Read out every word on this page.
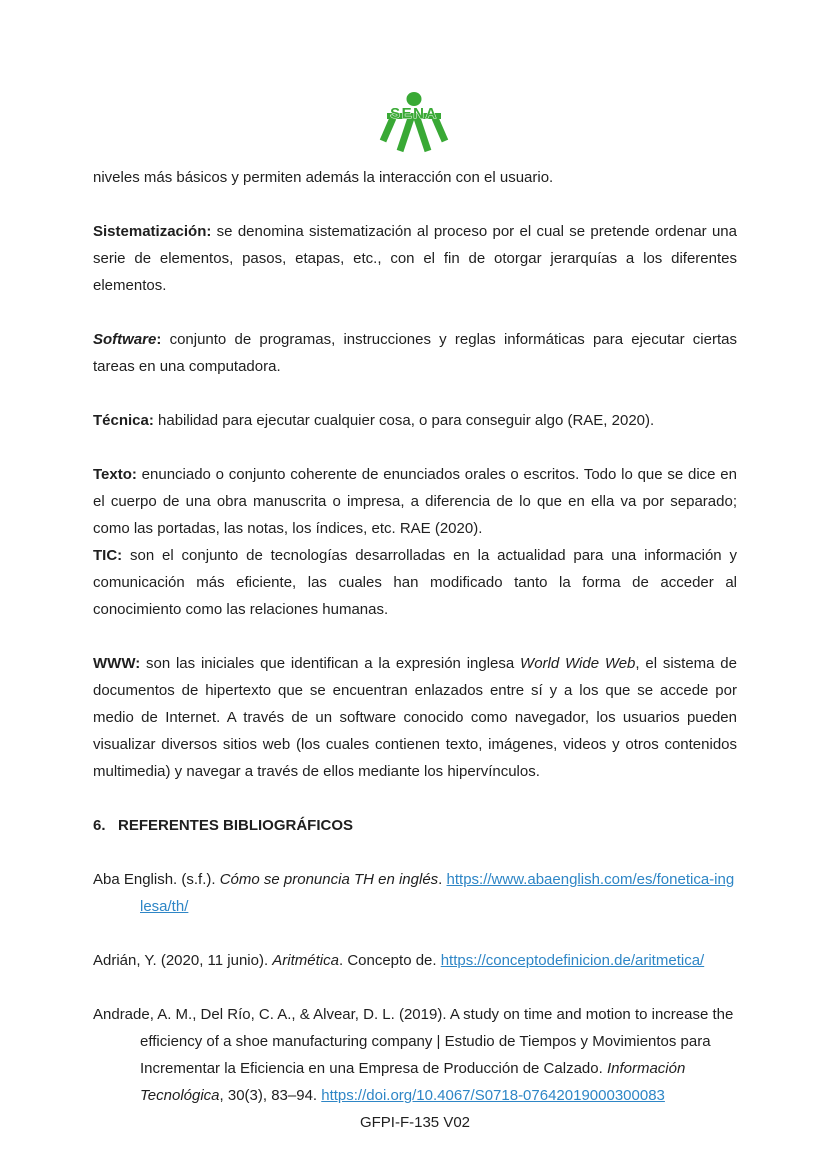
SENA

niveles más básicos y permiten además la interacción con el usuario.

Sistematización: se denomina sistematización al proceso por el cual se pretende ordenar una serie de elementos, pasos, etapas, etc., con el fin de otorgar jerarquías a los diferentes elementos.

Software: conjunto de programas, instrucciones y reglas informáticas para ejecutar ciertas tareas en una computadora.

Técnica: habilidad para ejecutar cualquier cosa, o para conseguir algo (RAE, 2020).

Texto: enunciado o conjunto coherente de enunciados orales o escritos. Todo lo que se dice en el cuerpo de una obra manuscrita o impresa, a diferencia de lo que en ella va por separado; como las portadas, las notas, los índices, etc. RAE (2020).

TIC: son el conjunto de tecnologías desarrolladas en la actualidad para una información y comunicación más eficiente, las cuales han modificado tanto la forma de acceder al conocimiento como las relaciones humanas.

WWW: son las iniciales que identifican a la expresión inglesa World Wide Web, el sistema de documentos de hipertexto que se encuentran enlazados entre sí y a los que se accede por medio de Internet. A través de un software conocido como navegador, los usuarios pueden visualizar diversos sitios web (los cuales contienen texto, imágenes, videos y otros contenidos multimedia) y navegar a través de ellos mediante los hipervínculos.

6. REFERENTES BIBLIOGRÁFICOS

Aba English. (s.f.). Cómo se pronuncia TH en inglés. https://www.abaenglish.com/es/fonetica-inglesa/th/

Adrián, Y. (2020, 11 junio). Aritmética. Concepto de. https://conceptodefinicion.de/aritmetica/

Andrade, A. M., Del Río, C. A., & Alvear, D. L. (2019). A study on time and motion to increase the efficiency of a shoe manufacturing company | Estudio de Tiempos y Movimientos para Incrementar la Eficiencia en una Empresa de Producción de Calzado. Información Tecnológica, 30(3), 83–94. https://doi.org/10.4067/S0718-07642019000300083

GFPI-F-135 V02
